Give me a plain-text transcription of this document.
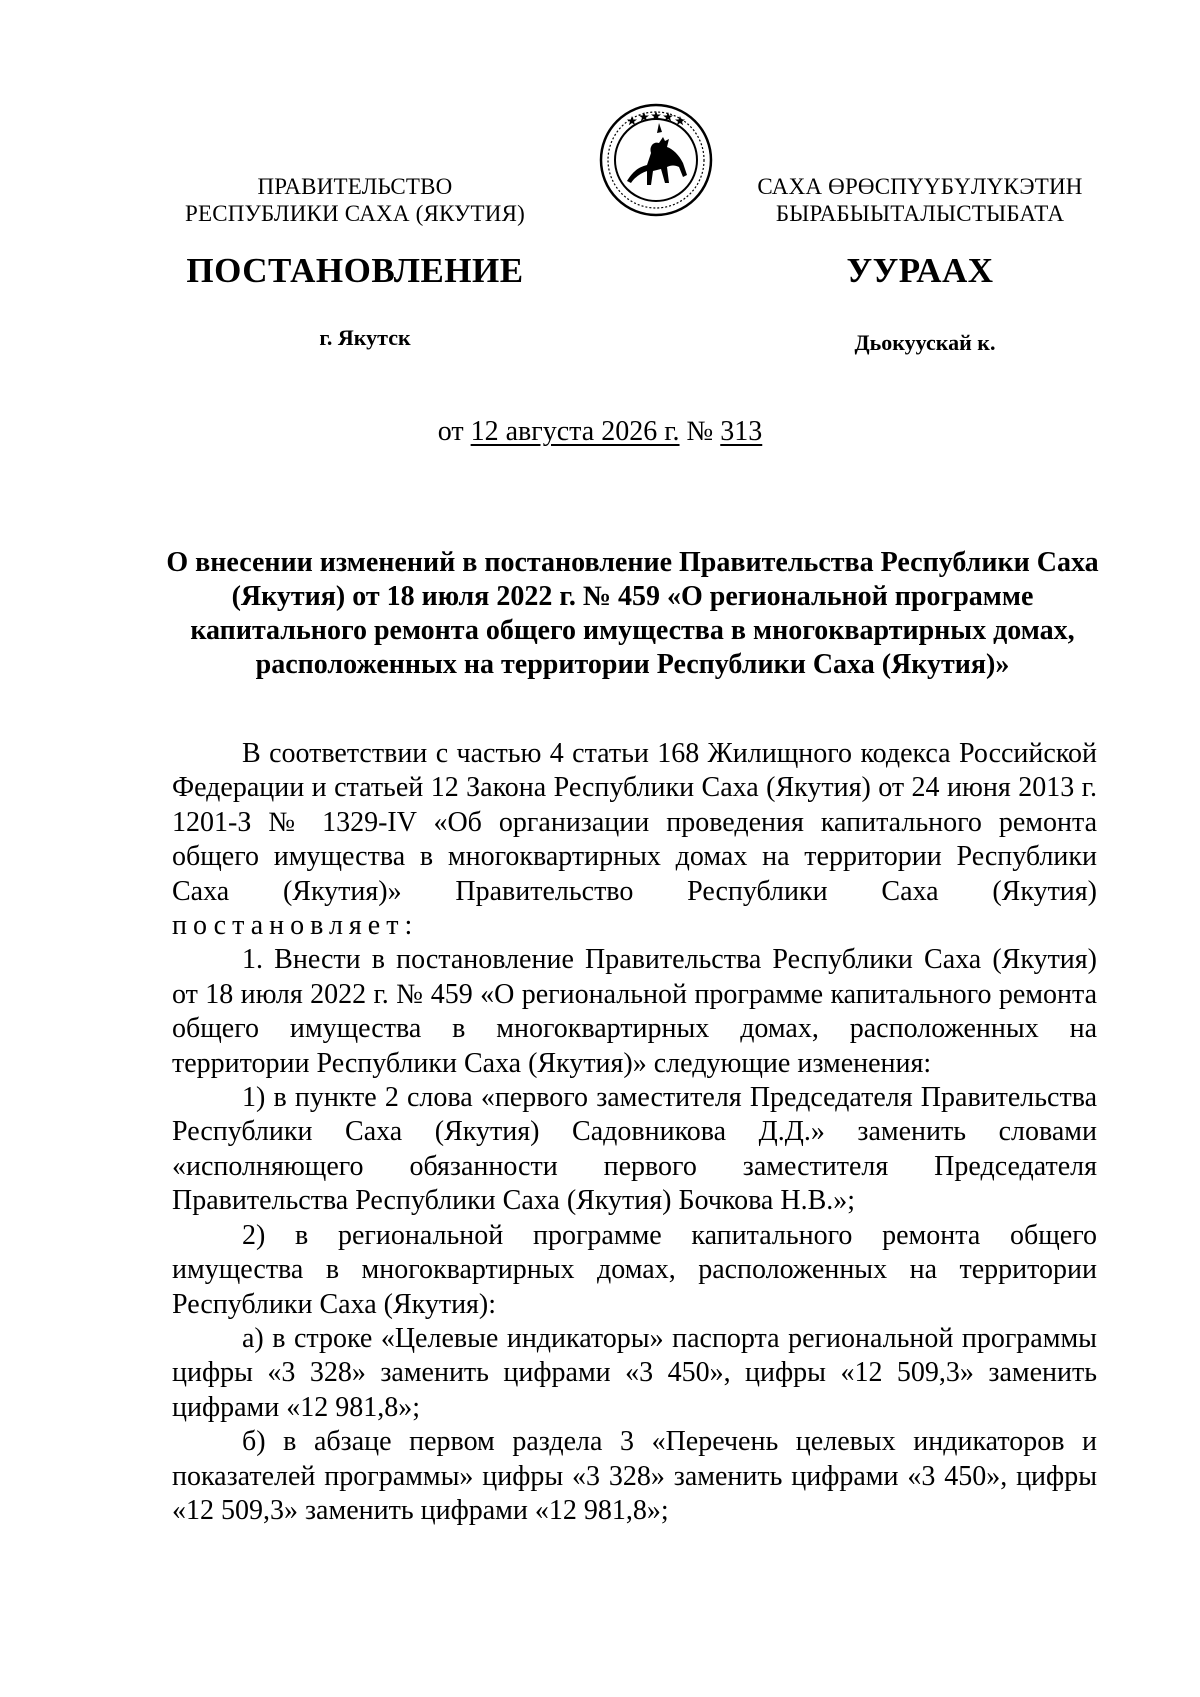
ПРАВИТЕЛЬСТВО
РЕСПУБЛИКИ САХА (ЯКУТИЯ)
САХА ӨРӨСПҮҮБҮЛҮКЭТИН
БЫРАБЫЫТАЛЫСТЫБАТА
ПОСТАНОВЛЕНИЕ	УУРААХ
г. Якутск	Дьокуускай к.
от 12 августа 2026 г. № 313
О внесении изменений в постановление Правительства Республики Саха (Якутия) от 18 июля 2022 г. № 459 «О региональной программе капитального ремонта общего имущества в многоквартирных домах, расположенных на территории Республики Саха (Якутия)»

В соответствии с частью 4 статьи 168 Жилищного кодекса Российской Федерации и статьей 12 Закона Республики Саха (Якутия) от 24 июня 2013 г. 1201-З № 1329-IV «Об организации проведения капитального ремонта общего имущества в многоквартирных домах на территории Республики Саха (Якутия)» Правительство Республики Саха (Якутия) постановляет:

1. Внести в постановление Правительства Республики Саха (Якутия) от 18 июля 2022 г. № 459 «О региональной программе капитального ремонта общего имущества в многоквартирных домах, расположенных на территории Республики Саха (Якутия)» следующие изменения:

1) в пункте 2 слова «первого заместителя Председателя Правительства Республики Саха (Якутия) Садовникова Д.Д.» заменить словами «исполняющего обязанности первого заместителя Председателя Правительства Республики Саха (Якутия) Бочкова Н.В.»;

2) в региональной программе капитального ремонта общего имущества в многоквартирных домах, расположенных на территории Республики Саха (Якутия):

а) в строке «Целевые индикаторы» паспорта региональной программы цифры «3 328» заменить цифрами «3 450», цифры «12 509,3» заменить цифрами «12 981,8»;

б) в абзаце первом раздела 3 «Перечень целевых индикаторов и показателей программы» цифры «3 328» заменить цифрами «3 450», цифры «12 509,3» заменить цифрами «12 981,8»;
